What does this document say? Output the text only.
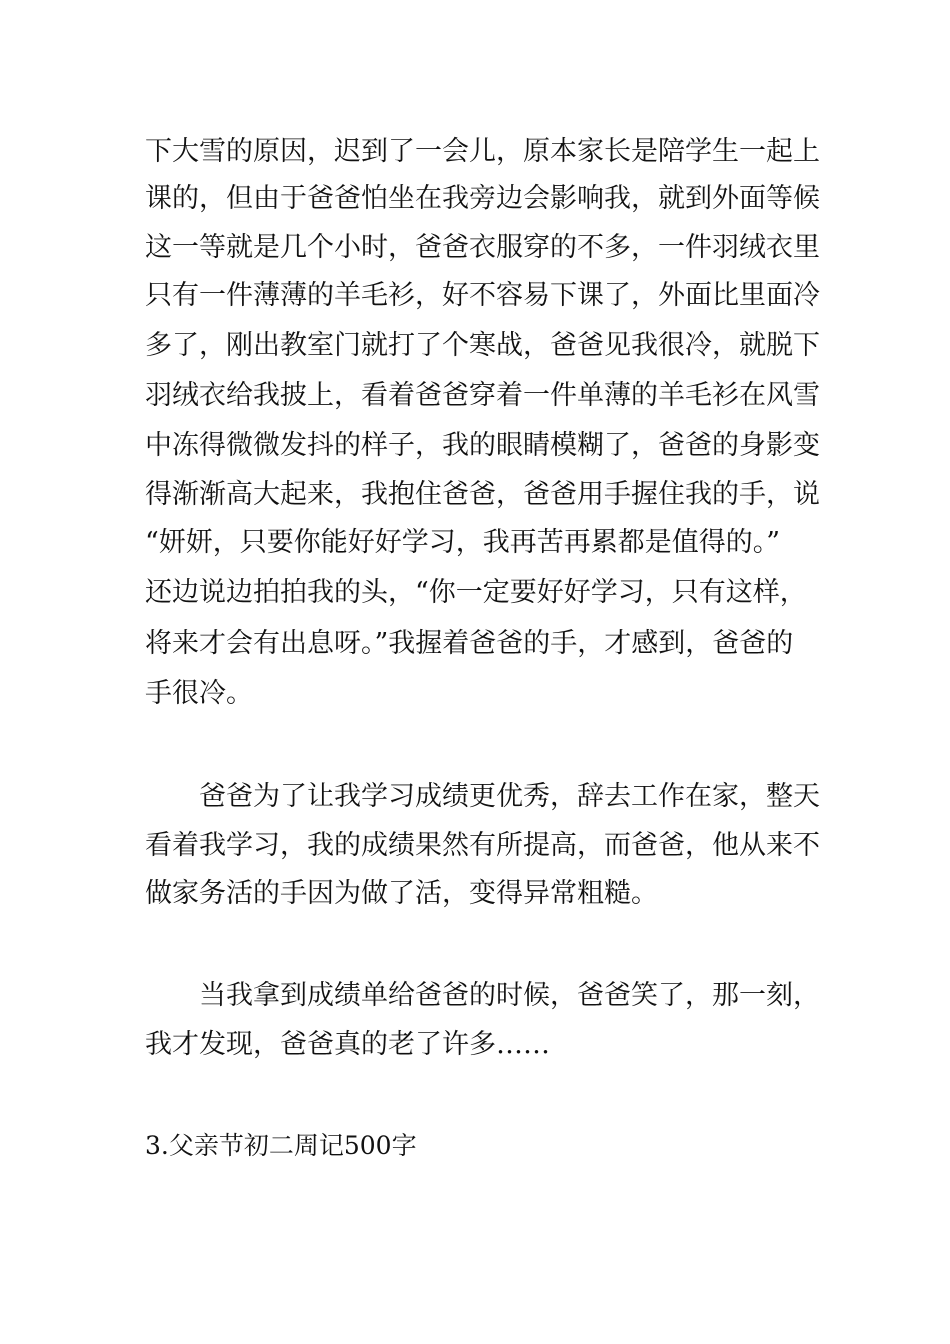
下大雪的原因，迟到了一会儿，原本家长是陪学生一起上
课的，但由于爸爸怕坐在我旁边会影响我，就到外面等候
这一等就是几个小时，爸爸衣服穿的不多，一件羽绒衣里
只有一件薄薄的羊毛衫，好不容易下课了，外面比里面冷
多了，刚出教室门就打了个寒战，爸爸见我很冷，就脱下
羽绒衣给我披上，看着爸爸穿着一件单薄的羊毛衫在风雪
中冻得微微发抖的样子，我的眼睛模糊了，爸爸的身影变
得渐渐高大起来，我抱住爸爸，爸爸用手握住我的手，说
“妍妍，只要你能好好学习，我再苦再累都是值得的。”
还边说边拍拍我的头，“你一定要好好学习，只有这样，
将来才会有出息呀。”我握着爸爸的手，才感到，爸爸的
手很冷。
爸爸为了让我学习成绩更优秀，辞去工作在家，整天
看着我学习，我的成绩果然有所提高，而爸爸，他从来不
做家务活的手因为做了活，变得异常粗糙。
当我拿到成绩单给爸爸的时候，爸爸笑了，那一刻，
我才发现，爸爸真的老了许多……
3.父亲节初二周记500字
